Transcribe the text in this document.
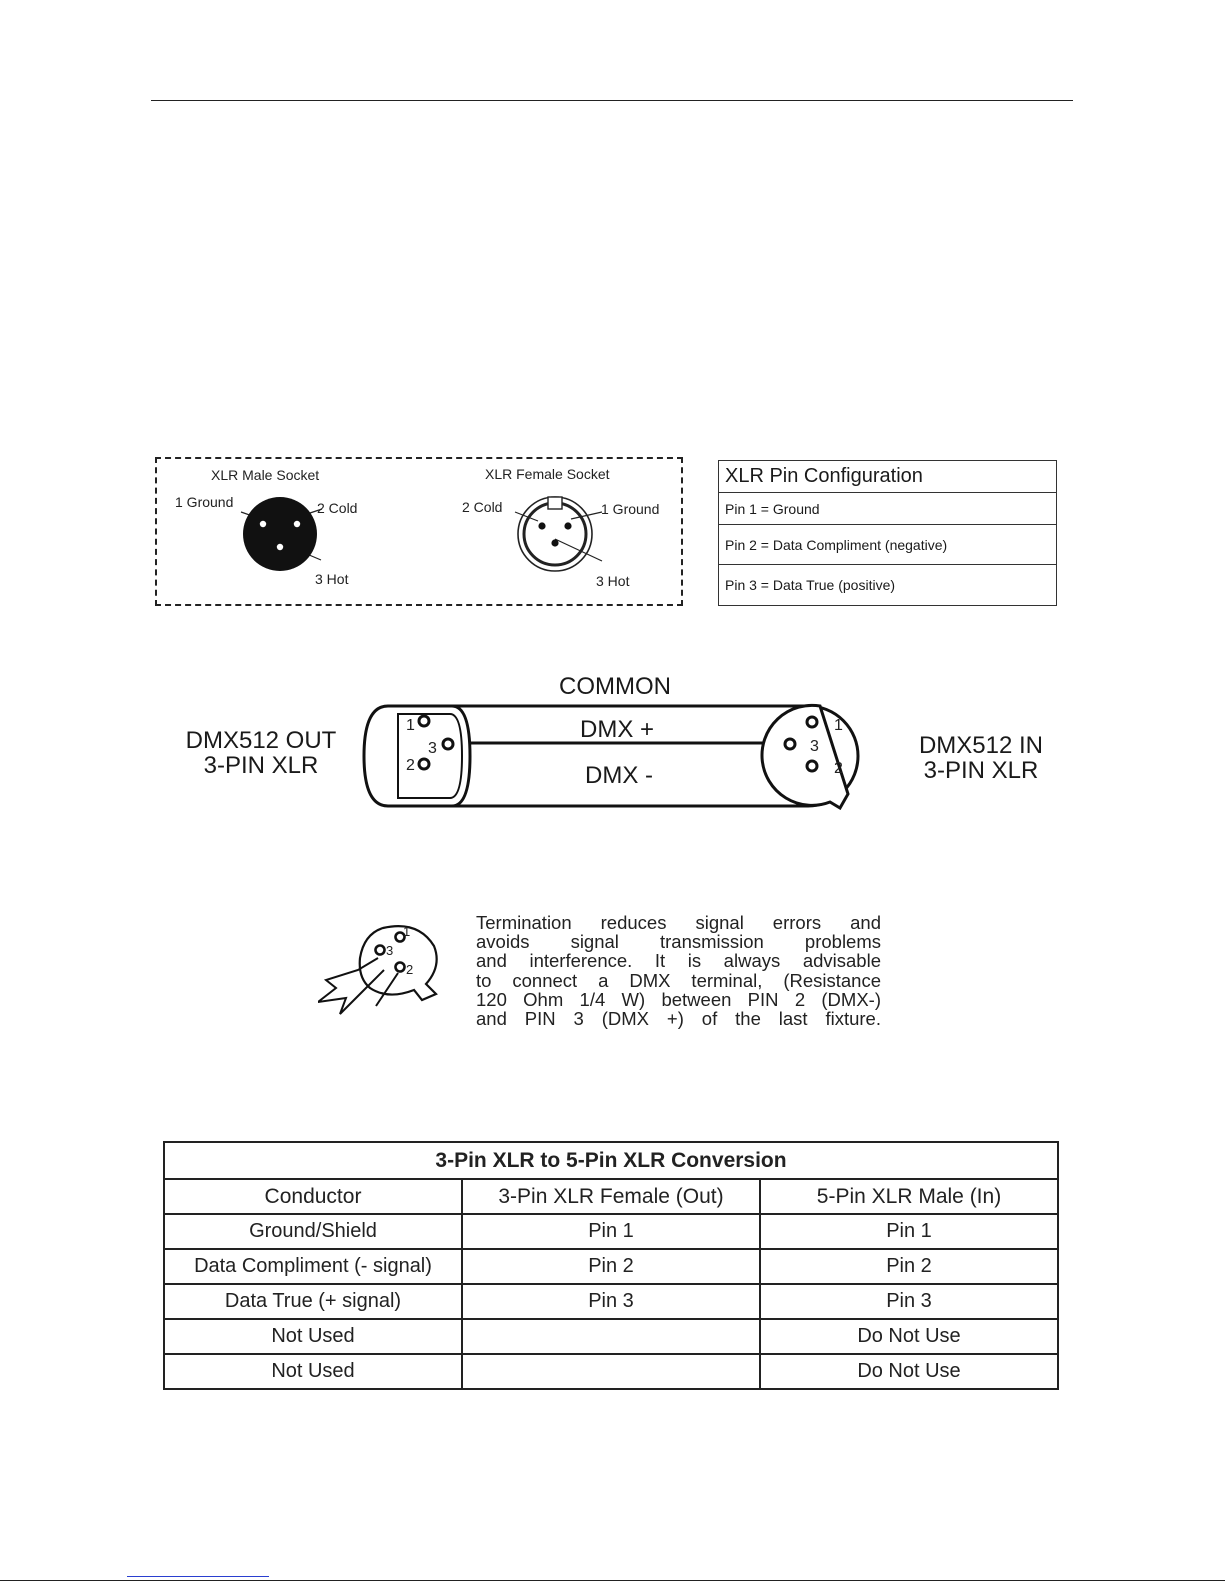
XLR Male Socket
1 Ground	2 Cold
3 Hot
XLR Female Socket
2 Cold	1 Ground
3 Hot
XLR Pin Configuration
Pin 1 = Ground
Pin 2 = Data Compliment (negative)
Pin 3 = Data True (positive)
COMMON
DMX512 OUT
3-PIN XLR
DMX512 IN
3-PIN XLR
DMX +
DMX -
1
3
2
1
3
2
1
3
2
Termination reduces signal errors and
avoids signal transmission problems
and interference. It is always advisable
to connect a DMX terminal, (Resistance
120 Ohm 1/4 W) between PIN 2 (DMX-)
and PIN 3 (DMX +) of the last fixture.
3-Pin XLR to 5-Pin XLR Conversion		
Conductor	3-Pin XLR Female (Out)	5-Pin XLR Male (In)
Ground/Shield	Pin 1	Pin 1
Data Compliment (- signal)	Pin 2	Pin 2
Data True (+ signal)	Pin 3	Pin 3
Not Used		Do Not Use
Not Used		Do Not Use
